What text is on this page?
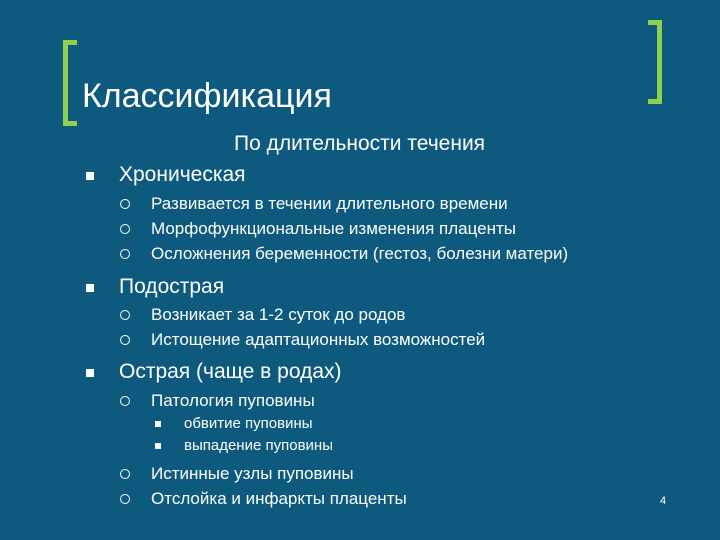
Классификация
По длительности течения
Хроническая
Развивается в течении длительного времени
Морфофункциональные изменения плаценты
Осложнения беременности (гестоз, болезни матери)
Подострая
Возникает за 1-2 суток до родов
Истощение адаптационных возможностей
Острая (чаще в родах)
Патология пуповины
обвитие пуповины
выпадение пуповины
Истинные узлы пуповины
Отслойка и инфаркты плаценты	4
